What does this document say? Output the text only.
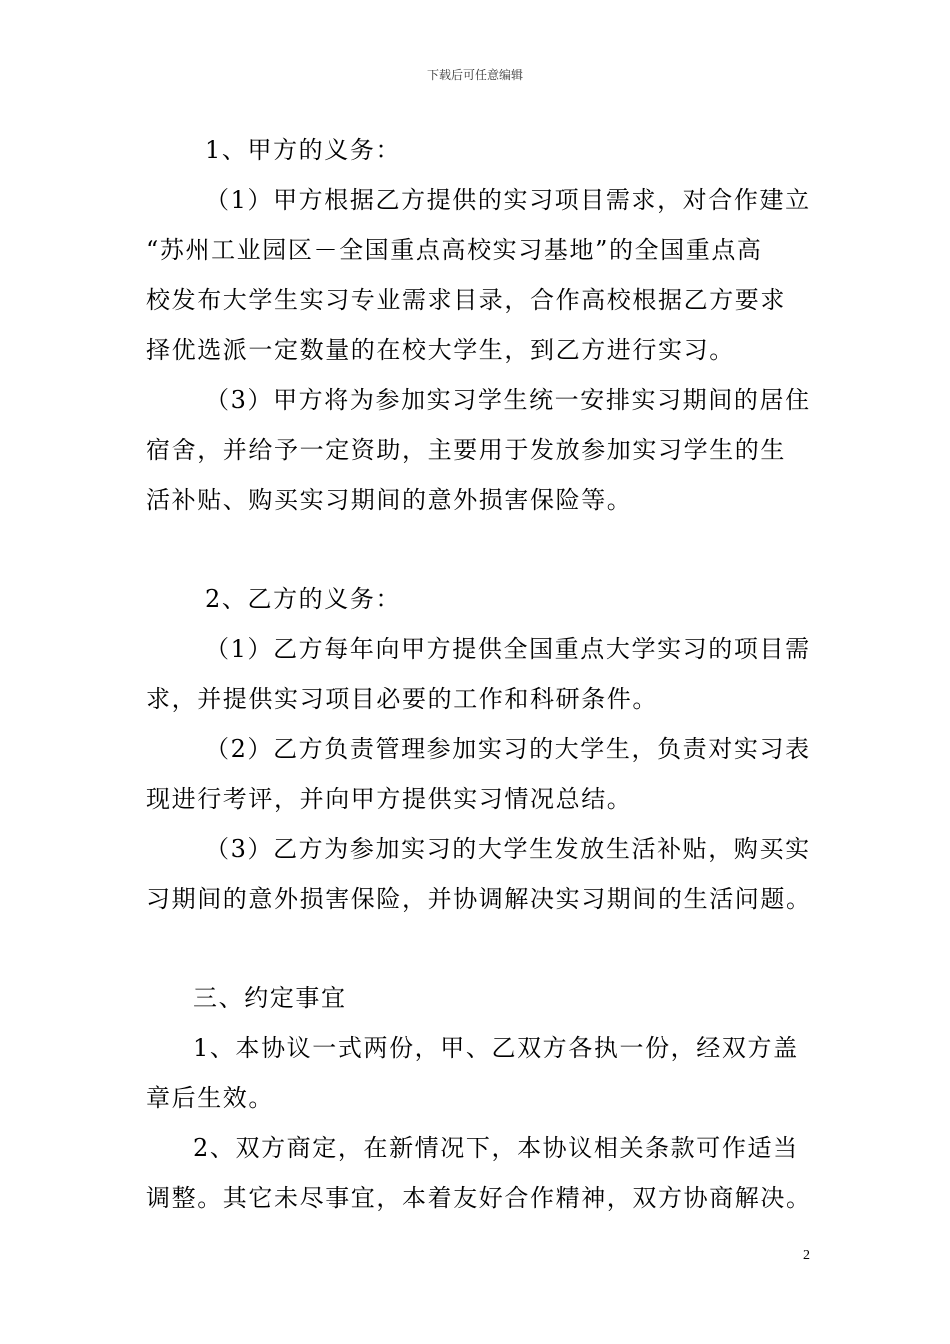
下载后可任意编辑
1、甲方的义务：
（1）甲方根据乙方提供的实习项目需求，对合作建立
“苏州工业园区－全国重点高校实习基地”的全国重点高
校发布大学生实习专业需求目录，合作高校根据乙方要求
择优选派一定数量的在校大学生，到乙方进行实习。
（3）甲方将为参加实习学生统一安排实习期间的居住
宿舍，并给予一定资助，主要用于发放参加实习学生的生
活补贴、购买实习期间的意外损害保险等。
2、乙方的义务：
（1）乙方每年向甲方提供全国重点大学实习的项目需
求，并提供实习项目必要的工作和科研条件。
（2）乙方负责管理参加实习的大学生，负责对实习表
现进行考评，并向甲方提供实习情况总结。
（3）乙方为参加实习的大学生发放生活补贴，购买实
习期间的意外损害保险，并协调解决实习期间的生活问题。
三、约定事宜
1、本协议一式两份，甲、乙双方各执一份，经双方盖
章后生效。
2、双方商定，在新情况下，本协议相关条款可作适当
调整。其它未尽事宜，本着友好合作精神，双方协商解决。
2
